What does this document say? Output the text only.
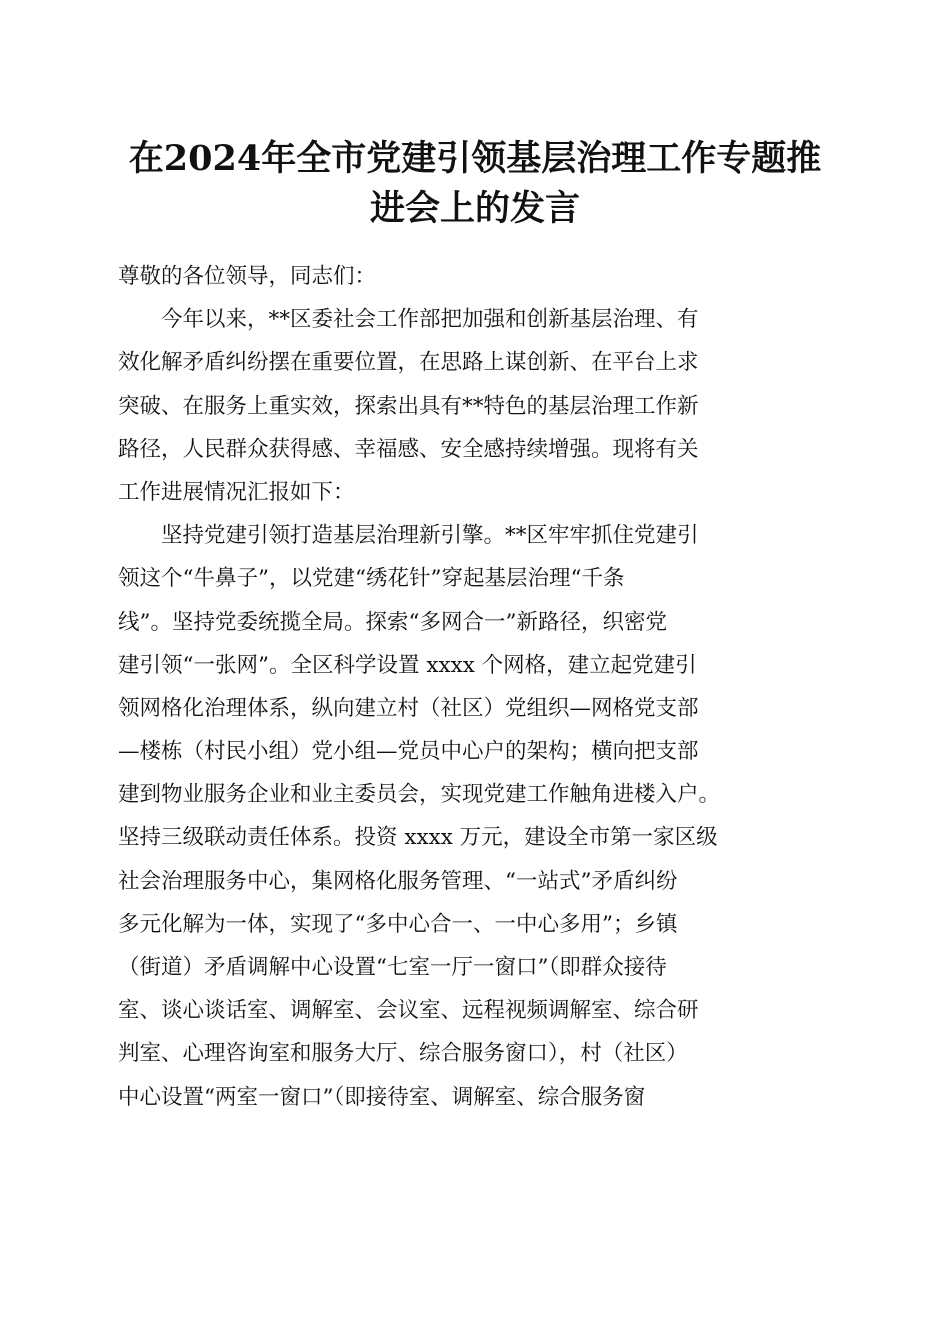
在2024年全市党建引领基层治理工作专题推
进会上的发言
尊敬的各位领导，同志们：
　　今年以来，**区委社会工作部把加强和创新基层治理、有
效化解矛盾纠纷摆在重要位置，在思路上谋创新、在平台上求
突破、在服务上重实效，探索出具有**特色的基层治理工作新
路径，人民群众获得感、幸福感、安全感持续增强。现将有关
工作进展情况汇报如下：
　　坚持党建引领打造基层治理新引擎。**区牢牢抓住党建引
领这个“牛鼻子”，以党建“绣花针”穿起基层治理“千条
线”。坚持党委统揽全局。探索“多网合一”新路径，织密党
建引领“一张网”。全区科学设置 xxxx 个网格，建立起党建引
领网格化治理体系，纵向建立村（社区）党组织—网格党支部
—楼栋（村民小组）党小组—党员中心户的架构；横向把支部
建到物业服务企业和业主委员会，实现党建工作触角进楼入户。
坚持三级联动责任体系。投资 xxxx 万元，建设全市第一家区级
社会治理服务中心，集网格化服务管理、“一站式”矛盾纠纷
多元化解为一体，实现了“多中心合一、一中心多用”；乡镇
（街道）矛盾调解中心设置“七室一厅一窗口”（即群众接待
室、谈心谈话室、调解室、会议室、远程视频调解室、综合研
判室、心理咨询室和服务大厅、综合服务窗口），村（社区）
中心设置“两室一窗口”（即接待室、调解室、综合服务窗
